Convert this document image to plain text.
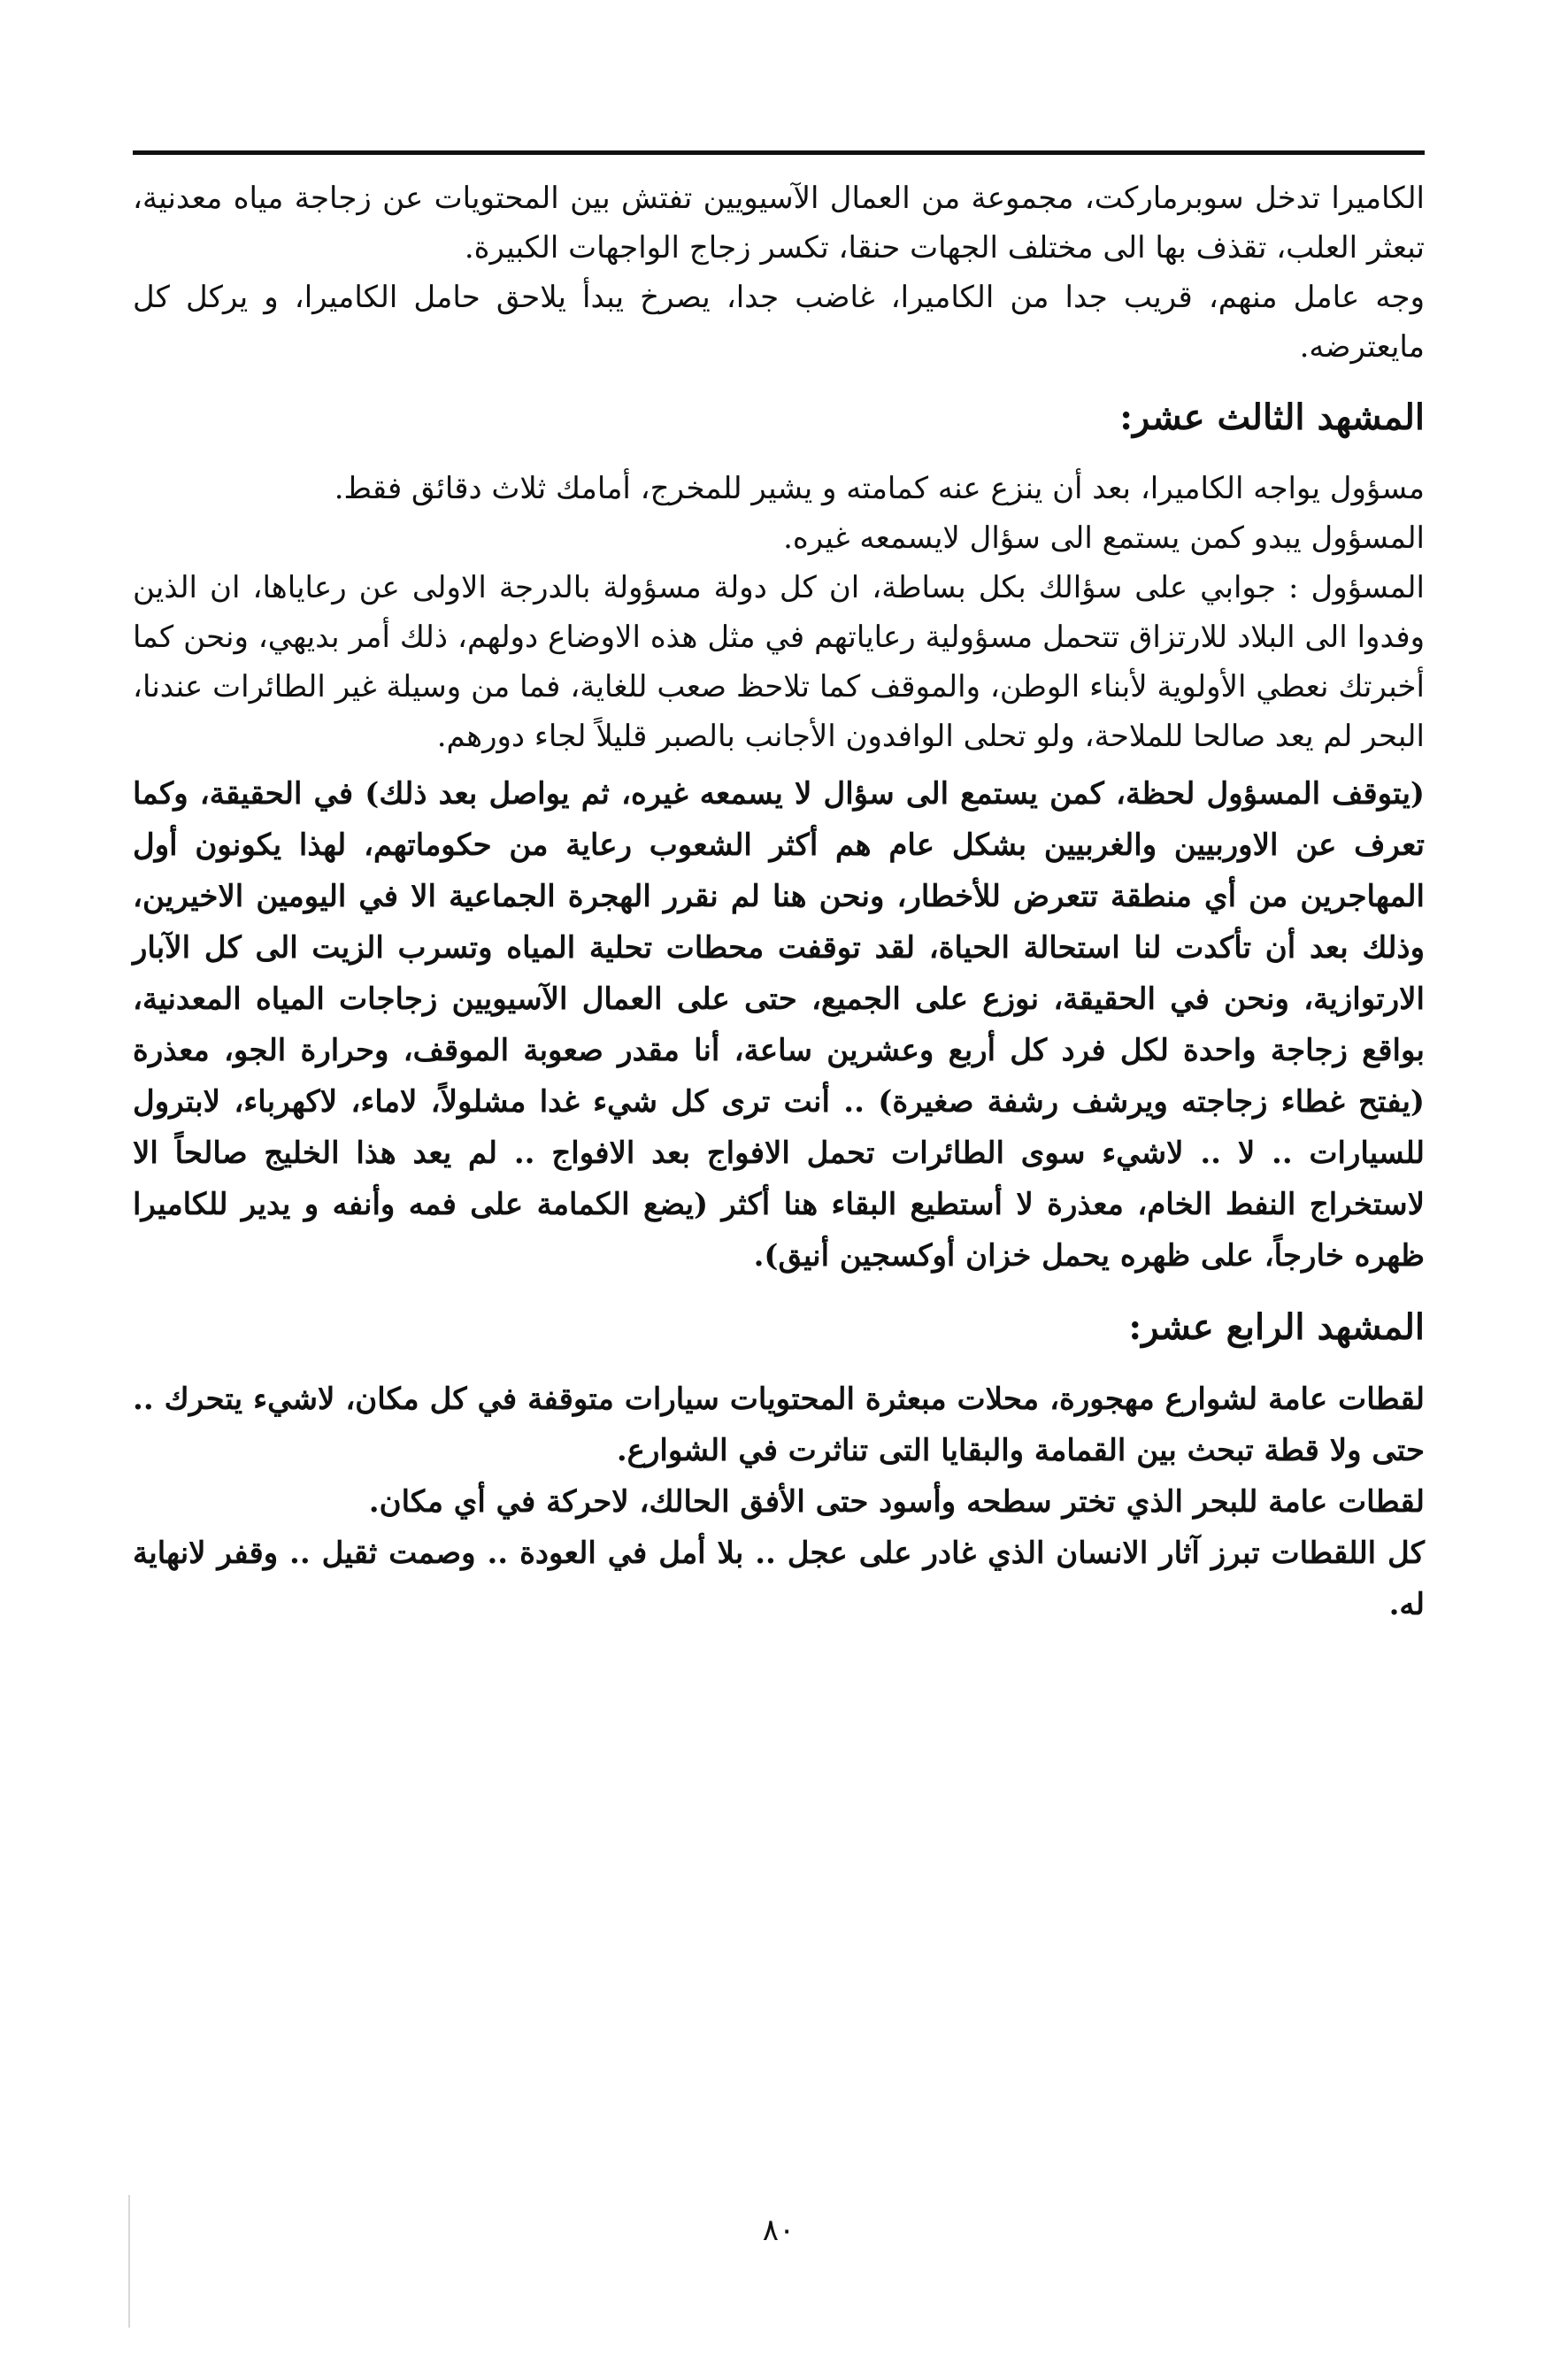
الكاميرا تدخل سوبرماركت، مجموعة من العمال الآسيويين تفتش بين المحتويات عن زجاجة مياه معدنية، تبعثر العلب، تقذف بها الى مختلف الجهات حنقا، تكسر زجاج الواجهات الكبيرة.

وجه عامل منهم، قريب جدا من الكاميرا، غاضب جدا، يصرخ يبدأ يلاحق حامل الكاميرا، و يركل كل مايعترضه.

المشهد الثالث عشر:

مسؤول يواجه الكاميرا، بعد أن ينزع عنه كمامته و يشير للمخرج، أمامك ثلاث دقائق فقط.

المسؤول يبدو كمن يستمع الى سؤال لايسمعه غيره.

المسؤول : جوابي على سؤالك بكل بساطة، ان كل دولة مسؤولة بالدرجة الاولى عن رعاياها، ان الذين وفدوا الى البلاد للارتزاق تتحمل مسؤولية رعاياتهم في مثل هذه الاوضاع دولهم، ذلك أمر بديهي، ونحن كما أخبرتك نعطي الأولوية لأبناء الوطن، والموقف كما تلاحظ صعب للغاية، فما من وسيلة غير الطائرات عندنا، البحر لم يعد صالحا للملاحة، ولو تحلى الوافدون الأجانب بالصبر قليلاً لجاء دورهم.

(يتوقف المسؤول لحظة، كمن يستمع الى سؤال لا يسمعه غيره، ثم يواصل بعد ذلك) في الحقيقة، وكما تعرف عن الاوربيين والغربيين بشكل عام هم أكثر الشعوب رعاية من حكوماتهم، لهذا يكونون أول المهاجرين من أي منطقة تتعرض للأخطار، ونحن هنا لم نقرر الهجرة الجماعية الا في اليومين الاخيرين، وذلك بعد أن تأكدت لنا استحالة الحياة، لقد توقفت محطات تحلية المياه وتسرب الزيت الى كل الآبار الارتوازية، ونحن في الحقيقة، نوزع على الجميع، حتى على العمال الآسيويين زجاجات المياه المعدنية، بواقع زجاجة واحدة لكل فرد كل أربع وعشرين ساعة، أنا مقدر صعوبة الموقف، وحرارة الجو، معذرة (يفتح غطاء زجاجته ويرشف رشفة صغيرة) .. أنت ترى كل شيء غدا مشلولاً، لاماء، لاكهرباء، لابترول للسيارات .. لا .. لاشيء سوى الطائرات تحمل الافواج بعد الافواج .. لم يعد هذا الخليج صالحاً الا لاستخراج النفط الخام، معذرة لا أستطيع البقاء هنا أكثر (يضع الكمامة على فمه وأنفه و يدير للكاميرا ظهره خارجاً، على ظهره يحمل خزان أوكسجين أنيق).

المشهد الرابع عشر:

لقطات عامة لشوارع مهجورة، محلات مبعثرة المحتويات سيارات متوقفة في كل مكان، لاشيء يتحرك .. حتى ولا قطة تبحث بين القمامة والبقايا التى تناثرت في الشوارع.

لقطات عامة للبحر الذي تختر سطحه وأسود حتى الأفق الحالك، لاحركة في أي مكان.

كل اللقطات تبرز آثار الانسان الذي غادر على عجل .. بلا أمل في العودة .. وصمت ثقيل .. وقفر لانهاية له.

٨٠
